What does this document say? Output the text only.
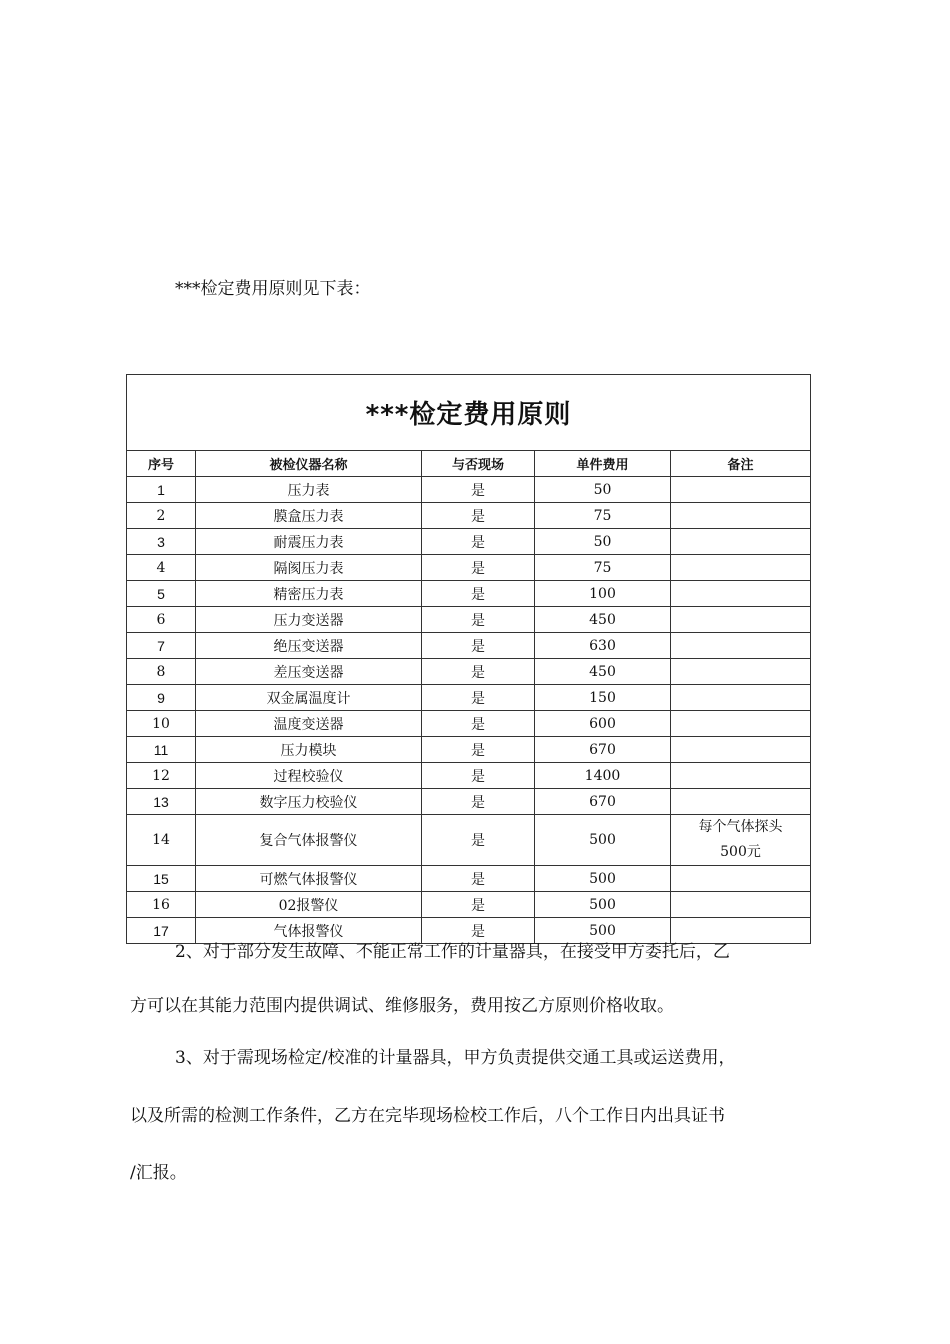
***检定费用原则见下表：
***检定费用原则				
序号	被检仪器名称	与否现场	单件费用	备注
1	压力表	是	50	
2	膜盒压力表	是	75	
3	耐震压力表	是	50	
4	隔阂压力表	是	75	
5	精密压力表	是	100	
6	压力变送器	是	450	
7	绝压变送器	是	630	
8	差压变送器	是	450	
9	双金属温度计	是	150	
10	温度变送器	是	600	
11	压力模块	是	670	
12	过程校验仪	是	1400	
13	数字压力校验仪	是	670	
14	复合气体报警仪	是	500	每个气体探头
500元

15	可燃气体报警仪	是	500	
16	02报警仪	是	500	
17	气体报警仪	是	500	
2、对于部分发生故障、不能正常工作的计量器具，在接受甲方委托后，乙
方可以在其能力范围内提供调试、维修服务，费用按乙方原则价格收取。
3、对于需现场检定/校准的计量器具，甲方负责提供交通工具或运送费用，
以及所需的检测工作条件，乙方在完毕现场检校工作后，八个工作日内出具证书
/汇报。
